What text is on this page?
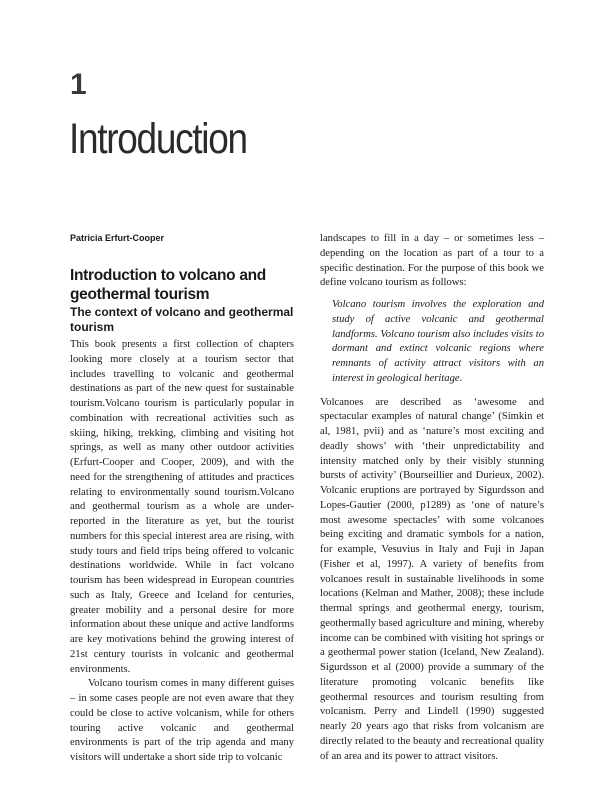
1
Introduction
Patricia Erfurt-Cooper
Introduction to volcano and geothermal tourism
The context of volcano and geothermal tourism

This book presents a first collection of chapters looking more closely at a tourism sector that includes travelling to volcanic and geothermal destinations as part of the new quest for sustainable tourism.Volcano tourism is particularly popular in combination with recreational activities such as skiing, hiking, trekking, climbing and visiting hot springs, as well as many other outdoor activities (Erfurt-Cooper and Cooper, 2009), and with the need for the strengthening of attitudes and practices relating to environmentally sound tourism.Volcano and geothermal tourism as a whole are under-reported in the literature as yet, but the tourist numbers for this special interest area are rising, with study tours and field trips being offered to volcanic destinations worldwide. While in fact volcano tourism has been widespread in European countries such as Italy, Greece and Iceland for centuries, greater mobility and a personal desire for more information about these unique and active landforms are key motivations behind the growing interest of 21st century tourists in volcanic and geothermal environments.

Volcano tourism comes in many different guises – in some cases people are not even aware that they could be close to active volcanism, while for others touring active volcanic and geothermal environments is part of the trip agenda and many visitors will undertake a short side trip to volcanic

landscapes to fill in a day – or sometimes less – depending on the location as part of a tour to a specific destination. For the purpose of this book we define volcano tourism as follows:

Volcano tourism involves the exploration and study of active volcanic and geothermal landforms. Volcano tourism also includes visits to dormant and extinct volcanic regions where remnants of activity attract visitors with an interest in geological heritage.

Volcanoes are described as ‘awesome and spectacular examples of natural change’ (Simkin et al, 1981, pvii) and as ‘nature’s most exciting and deadly shows’ with ‘their unpredictability and intensity matched only by their visibly stunning bursts of activity’ (Bourseillier and Durieux, 2002). Volcanic eruptions are portrayed by Sigurdsson and Lopes-Gautier (2000, p1289) as ‘one of nature’s most awesome spectacles’ with some volcanoes being exciting and dramatic symbols for a nation, for example, Vesuvius in Italy and Fuji in Japan (Fisher et al, 1997). A variety of benefits from volcanoes result in sustainable livelihoods in some locations (Kelman and Mather, 2008); these include thermal springs and geothermal energy, tourism, geothermally based agriculture and mining, whereby income can be combined with visiting hot springs or a geothermal power station (Iceland, New Zealand). Sigurdsson et al (2000) provide a summary of the literature promoting volcanic benefits like geothermal resources and tourism resulting from volcanism. Perry and Lindell (1990) suggested nearly 20 years ago that risks from volcanism are directly related to the beauty and recreational quality of an area and its power to attract visitors.
